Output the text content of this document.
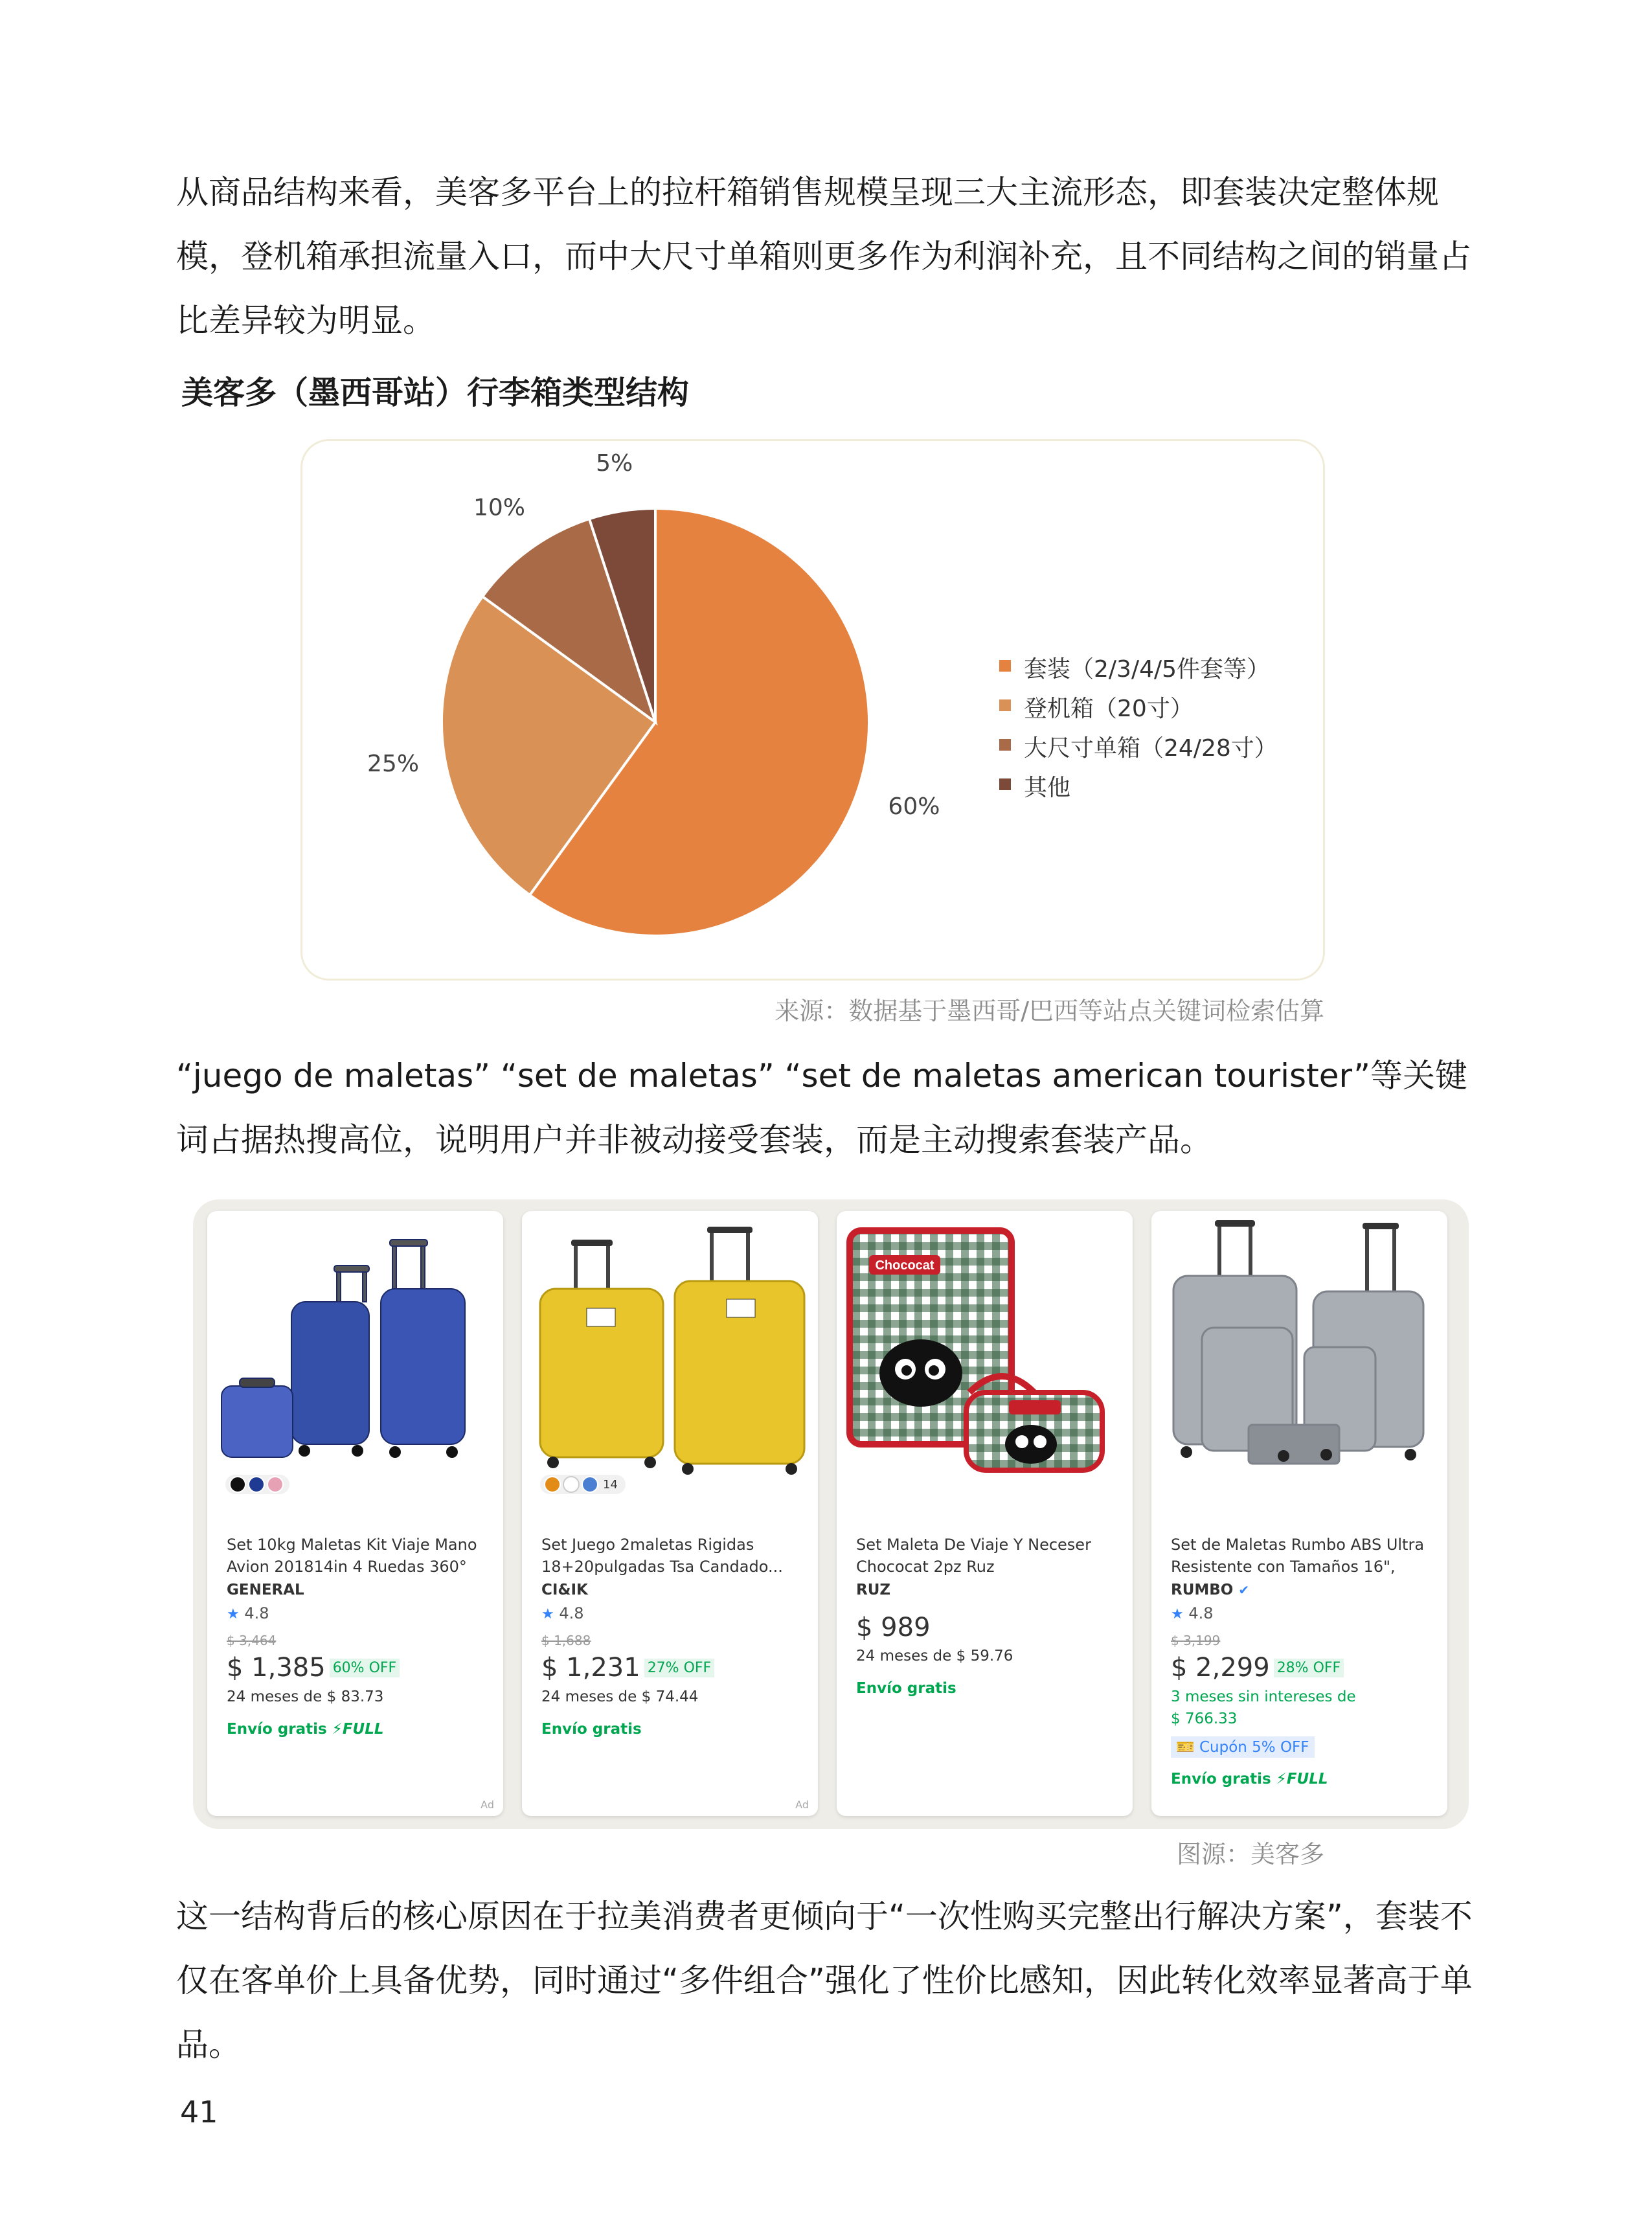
从商品结构来看，美客多平台上的拉杆箱销售规模呈现三大主流形态，即套装决定整体规模，登机箱承担流量入口，而中大尺寸单箱则更多作为利润补充，且不同结构之间的销量占比差异较为明显。

美客多（墨西哥站）行李箱类型结构

60%
25%
10%
5%
套装（2/3/4/5件套等）
登机箱（20寸）
大尺寸单箱（24/28寸）
其他

来源：数据基于墨西哥/巴西等站点关键词检索估算

“juego de maletas” “set de maletas” “set de maletas american tourister”等关键词占据热搜高位，说明用户并非被动接受套装，而是主动搜索套装产品。

Set 10kg Maletas Kit Viaje Mano Avion 201814in 4 Ruedas 360°
GENERAL
★ 4.8
$ 3,464
$ 1,385 60% OFF
24 meses de $ 83.73
Envío gratis ⚡FULL
Ad
14
Set Juego 2maletas Rigidas 18+20pulgadas Tsa Candado...
CI&IK
★ 4.8
$ 1,688
$ 1,231 27% OFF
24 meses de $ 74.44
Envío gratis
Ad
Chococat
Set Maleta De Viaje Y Neceser Chococat 2pz Ruz
RUZ
$ 989
24 meses de $ 59.76
Envío gratis
Set de Maletas Rumbo ABS Ultra Resistente con Tamaños 16",
RUMBO ✔
★ 4.8
$ 3,199
$ 2,299 28% OFF
3 meses sin intereses de
$ 766.33
🎫 Cupón 5% OFF
Envío gratis ⚡FULL

图源：美客多

这一结构背后的核心原因在于拉美消费者更倾向于“一次性购买完整出行解决方案”，套装不仅在客单价上具备优势，同时通过“多件组合”强化了性价比感知，因此转化效率显著高于单品。

41
